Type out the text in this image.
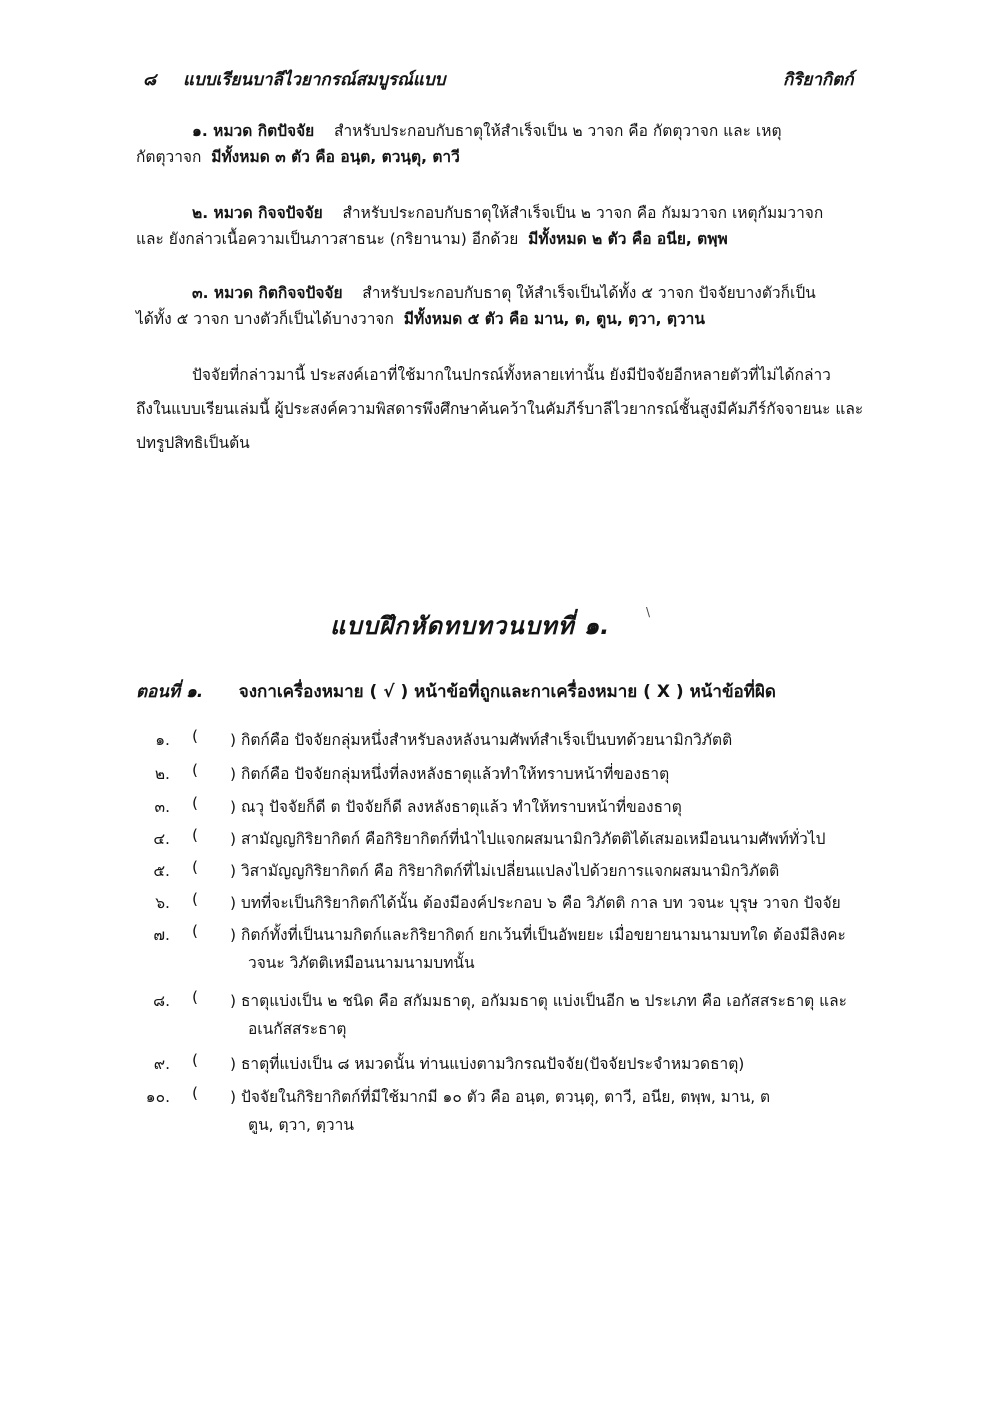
๘ แบบเรียนบาลีไวยากรณ์สมบูรณ์แบบ	กิริยากิตก์
๑. หมวด กิตปัจจัย สำหรับประกอบกับธาตุให้สำเร็จเป็น ๒ วาจก คือ กัตตุวาจก และ เหตุ
กัตตุวาจก มีทั้งหมด ๓ ตัว คือ อนฺต, ตวนฺตุ, ตาวี
๒. หมวด กิจจปัจจัย สำหรับประกอบกับธาตุให้สำเร็จเป็น ๒ วาจก คือ กัมมวาจก เหตุกัมมวาจก
และ ยังกล่าวเนื้อความเป็นภาวสาธนะ (กริยานาม) อีกด้วย มีทั้งหมด ๒ ตัว คือ อนีย, ตพฺพ
๓. หมวด กิตกิจจปัจจัย สำหรับประกอบกับธาตุ ให้สำเร็จเป็นได้ทั้ง ๕ วาจก ปัจจัยบางตัวก็เป็น
ได้ทั้ง ๕ วาจก บางตัวก็เป็นได้บางวาจก มีทั้งหมด ๕ ตัว คือ มาน, ต, ตูน, ตฺวา, ตฺวาน
ปัจจัยที่กล่าวมานี้ ประสงค์เอาที่ใช้มากในปกรณ์ทั้งหลายเท่านั้น ยังมีปัจจัยอีกหลายตัวที่ไม่ได้กล่าว
ถึงในแบบเรียนเล่มนี้ ผู้ประสงค์ความพิสดารพึงศึกษาค้นคว้าในคัมภีร์บาลีไวยากรณ์ชั้นสูงมีคัมภีร์กัจจายนะ และ
ปทรูปสิทธิเป็นต้น
แบบฝึกหัดทบทวนบทที่ ๑.	\
ตอนที่ ๑. จงกาเครื่องหมาย ( √ ) หน้าข้อที่ถูกและกาเครื่องหมาย ( X ) หน้าข้อที่ผิด
๑. ( ) กิตก์คือ ปัจจัยกลุ่มหนึ่งสำหรับลงหลังนามศัพท์สำเร็จเป็นบทด้วยนามิกวิภัตติ
๒. ( ) กิตก์คือ ปัจจัยกลุ่มหนึ่งที่ลงหลังธาตุแล้วทำให้ทราบหน้าที่ของธาตุ
๓. ( ) ณวุ ปัจจัยก็ดี ต ปัจจัยก็ดี ลงหลังธาตุแล้ว ทำให้ทราบหน้าที่ของธาตุ
๔. ( ) สามัญญกิริยากิตก์ คือกิริยากิตก์ที่นำไปแจกผสมนามิกวิภัตติได้เสมอเหมือนนามศัพท์ทั่วไป
๕. ( ) วิสามัญญกิริยากิตก์ คือ กิริยากิตก์ที่ไม่เปลี่ยนแปลงไปด้วยการแจกผสมนามิกวิภัตติ
๖. ( ) บทที่จะเป็นกิริยากิตก์ได้นั้น ต้องมีองค์ประกอบ ๖ คือ วิภัตติ กาล บท วจนะ บุรุษ วาจก ปัจจัย
๗. ( ) กิตก์ทั้งที่เป็นนามกิตก์และกิริยากิตก์ ยกเว้นที่เป็นอัพยยะ เมื่อขยายนามนามบทใด ต้องมีลิงคะ
วจนะ วิภัตติเหมือนนามนามบทนั้น
๘. ( ) ธาตุแบ่งเป็น ๒ ชนิด คือ สกัมมธาตุ, อกัมมธาตุ แบ่งเป็นอีก ๒ ประเภท คือ เอกัสสระธาตุ และ
อเนกัสสระธาตุ
๙. ( ) ธาตุที่แบ่งเป็น ๘ หมวดนั้น ท่านแบ่งตามวิกรณปัจจัย(ปัจจัยประจำหมวดธาตุ)
๑๐. ( ) ปัจจัยในกิริยากิตก์ที่มีใช้มากมี ๑๐ ตัว คือ อนฺต, ตวนฺตุ, ตาวี, อนีย, ตพฺพ, มาน, ต
ตูน, ตฺวา, ตฺวาน
